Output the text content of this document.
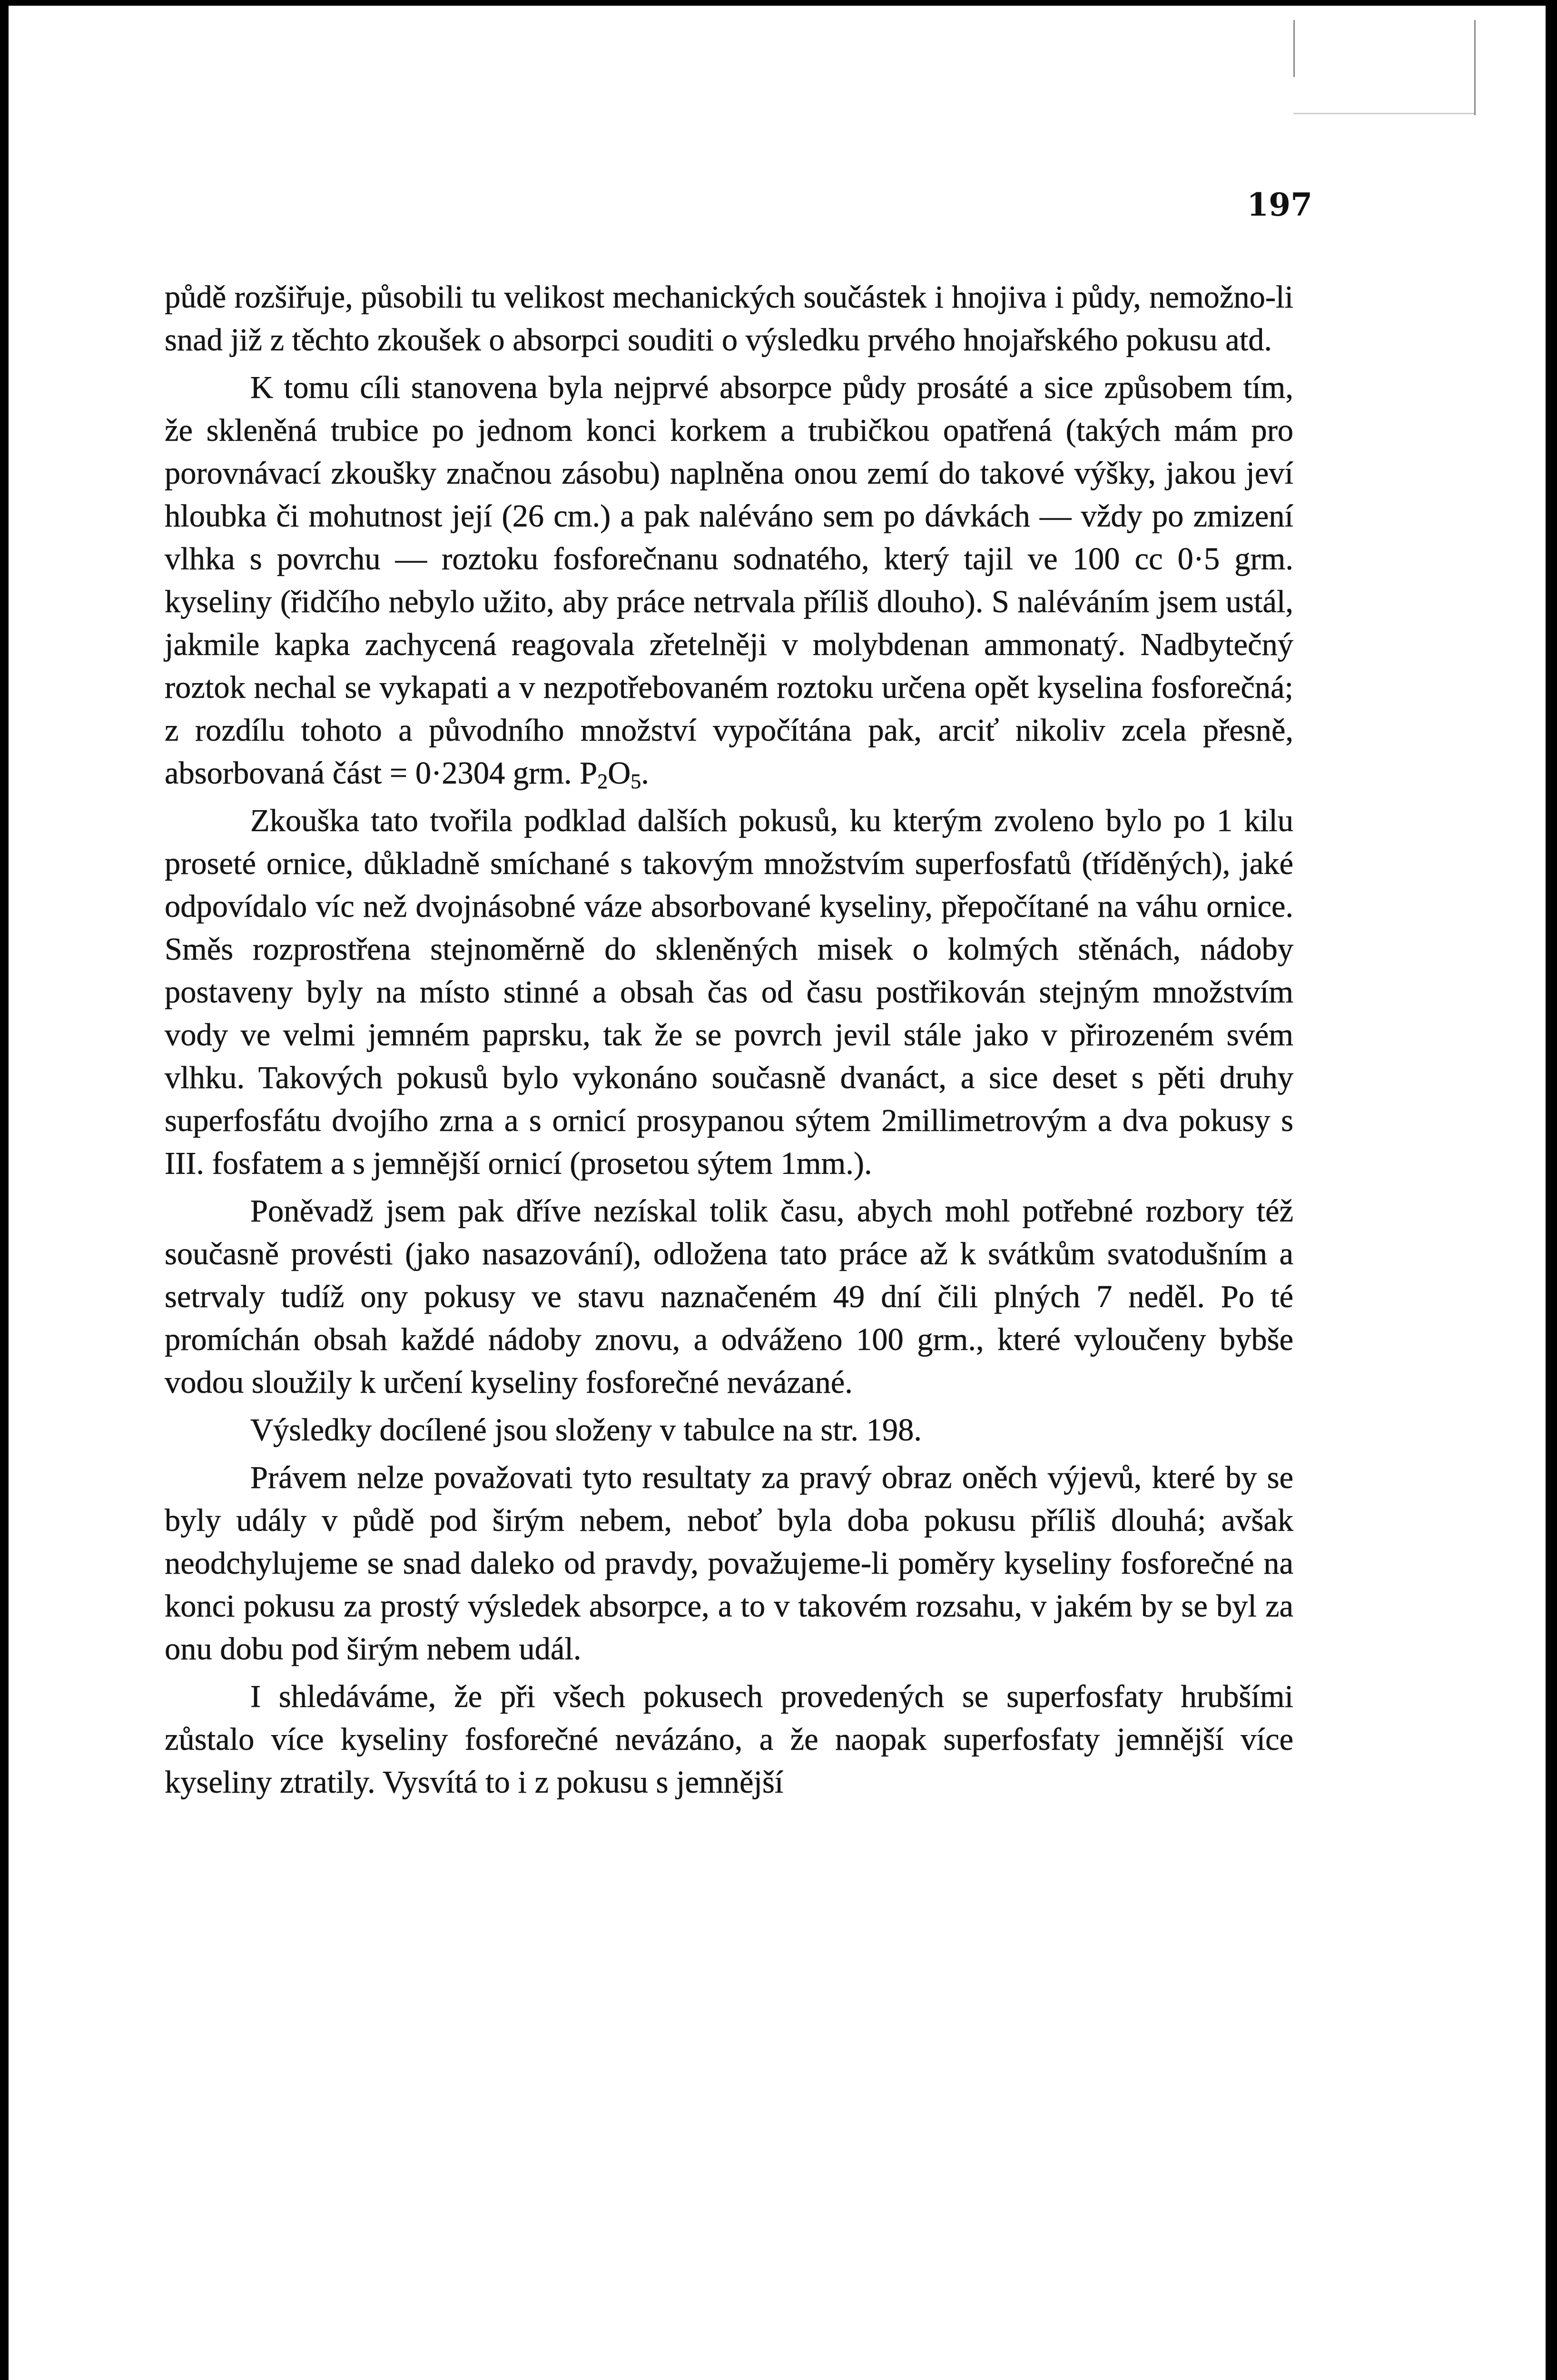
197

půdě rozšiřuje, působili tu velikost mechanických součástek i hnojiva i půdy, nemožno-li snad již z těchto zkoušek o absorpci souditi o výsledku prvého hnojařského pokusu atd.

K tomu cíli stanovena byla nejprvé absorpce půdy prosáté a sice způsobem tím, že skleněná trubice po jednom konci korkem a trubičkou opatřená (takých mám pro porovnávací zkoušky značnou zásobu) naplněna onou zemí do takové výšky, jakou jeví hloubka či mohutnost její (26 cm.) a pak naléváno sem po dávkách — vždy po zmizení vlhka s povrchu — roztoku fosforečnanu sodnatého, který tajil ve 100 cc 0·5 grm. kyseliny (řidčího nebylo užito, aby práce netrvala příliš dlouho). S naléváním jsem ustál, jakmile kapka zachycená reagovala zřetelněji v molybdenan ammonatý. Nadbytečný roztok nechal se vykapati a v nezpotřebovaném roztoku určena opět kyselina fosforečná; z rozdílu tohoto a původního množství vypočítána pak, arciť nikoliv zcela přesně, absorbovaná část = 0·2304 grm. $P_2O_5$.

Zkouška tato tvořila podklad dalších pokusů, ku kterým zvoleno bylo po 1 kilu proseté ornice, důkladně smíchané s takovým množstvím superfosfatů (tříděných), jaké odpovídalo víc než dvojnásobné váze absorbované kyseliny, přepočítané na váhu ornice. Směs rozprostřena stejnoměrně do skleněných misek o kolmých stěnách, nádoby postaveny byly na místo stinné a obsah čas od času postřikován stejným množstvím vody ve velmi jemném paprsku, tak že se povrch jevil stále jako v přirozeném svém vlhku. Takových pokusů bylo vykonáno současně dvanáct, a sice deset s pěti druhy superfosfátu dvojího zrna a s ornicí prosypanou sýtem 2millimetrovým a dva pokusy s III. fosfatem a s jemnější ornicí (prosetou sýtem 1mm.).

Poněvadž jsem pak dříve nezískal tolik času, abych mohl potřebné rozbory též současně provésti (jako nasazování), odložena tato práce až k svátkům svatodušním a setrvaly tudíž ony pokusy ve stavu naznačeném 49 dní čili plných 7 neděl. Po té promíchán obsah každé nádoby znovu, a odváženo 100 grm., které vyloučeny bybše vodou sloužily k určení kyseliny fosforečné nevázané.

Výsledky docílené jsou složeny v tabulce na str. 198.

Právem nelze považovati tyto resultaty za pravý obraz oněch výjevů, které by se byly udály v půdě pod širým nebem, neboť byla doba pokusu příliš dlouhá; avšak neodchylujeme se snad daleko od pravdy, považujeme-li poměry kyseliny fosforečné na konci pokusu za prostý výsledek absorpce, a to v takovém rozsahu, v jakém by se byl za onu dobu pod širým nebem udál.

I shledáváme, že při všech pokusech provedených se superfosfaty hrubšími zůstalo více kyseliny fosforečné nevázáno, a že naopak superfosfaty jemnější více kyseliny ztratily. Vysvítá to i z pokusu s jemnější
